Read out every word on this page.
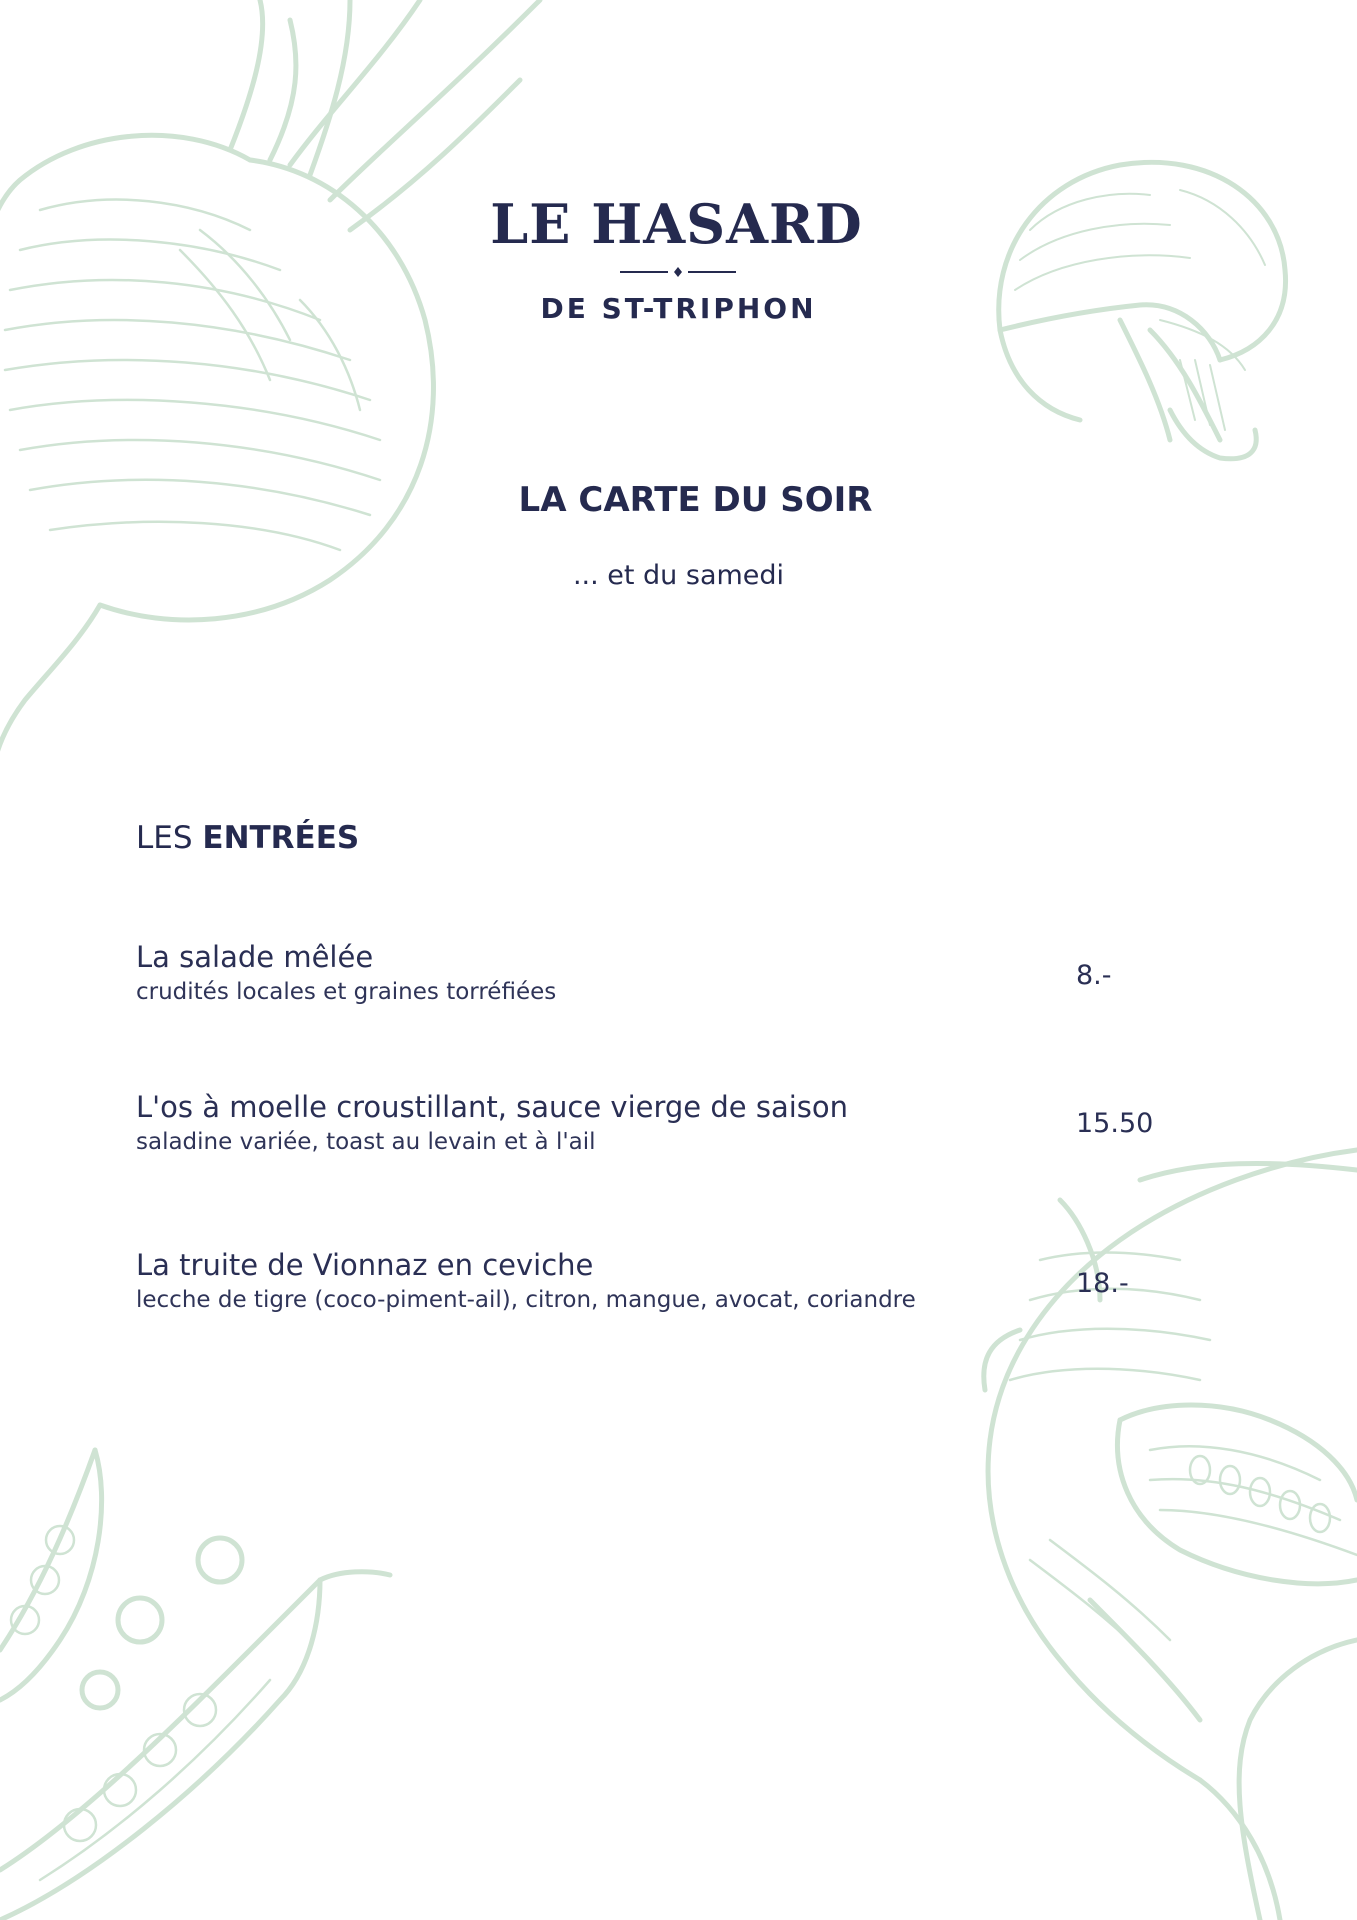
LE HASARD
DE ST-TRIPHON
LA CARTE DU SOIR
... et du samedi
LES ENTRÉES
La salade mêlée
crudités locales et graines torréfiées
8.-
L'os à moelle croustillant, sauce vierge de saison
saladine variée, toast au levain et à l'ail
15.50
La truite de Vionnaz en ceviche
lecche de tigre (coco-piment-ail), citron, mangue, avocat, coriandre
18.-
